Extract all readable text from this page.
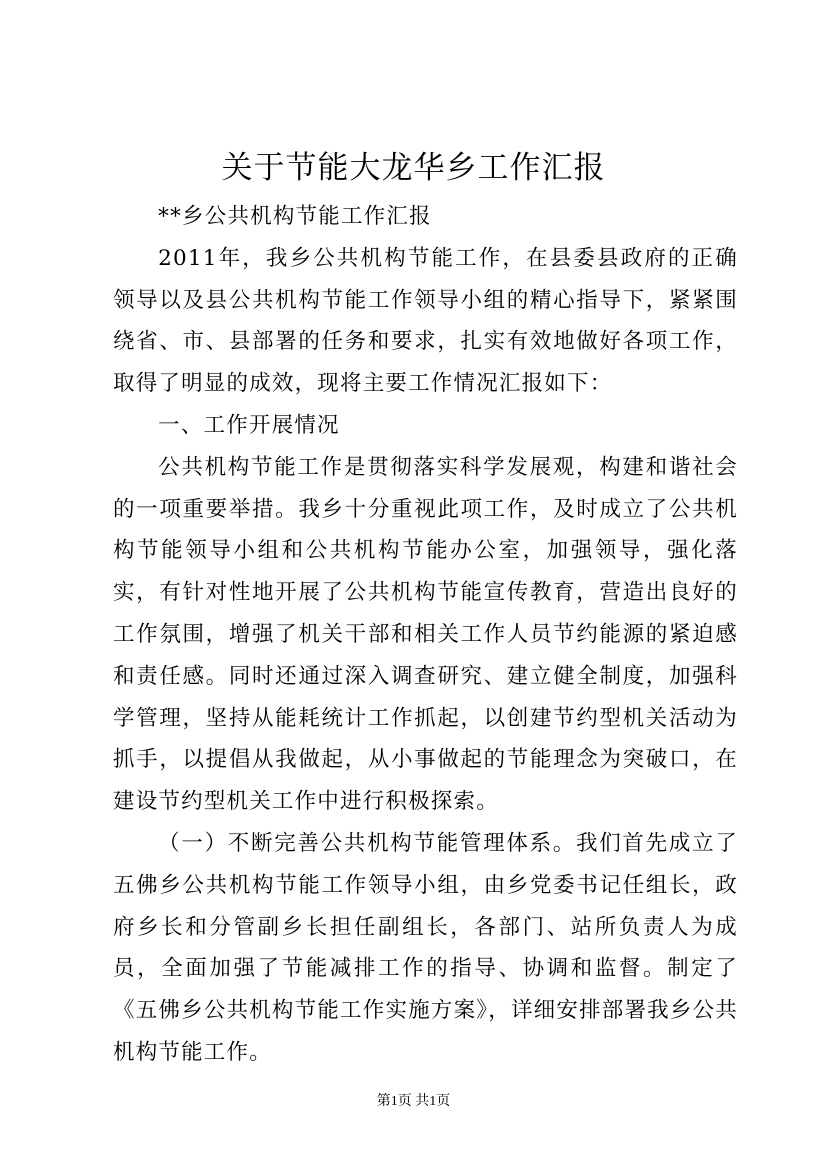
关于节能大龙华乡工作汇报

**乡公共机构节能工作汇报

2011年，我乡公共机构节能工作，在县委县政府的正确领导以及县公共机构节能工作领导小组的精心指导下，紧紧围绕省、市、县部署的任务和要求，扎实有效地做好各项工作，取得了明显的成效，现将主要工作情况汇报如下：

一、工作开展情况

公共机构节能工作是贯彻落实科学发展观，构建和谐社会的一项重要举措。我乡十分重视此项工作，及时成立了公共机构节能领导小组和公共机构节能办公室，加强领导，强化落实，有针对性地开展了公共机构节能宣传教育，营造出良好的工作氛围，增强了机关干部和相关工作人员节约能源的紧迫感和责任感。同时还通过深入调查研究、建立健全制度，加强科学管理，坚持从能耗统计工作抓起，以创建节约型机关活动为抓手，以提倡从我做起，从小事做起的节能理念为突破口，在建设节约型机关工作中进行积极探索。

（一）不断完善公共机构节能管理体系。我们首先成立了五佛乡公共机构节能工作领导小组，由乡党委书记任组长，政府乡长和分管副乡长担任副组长，各部门、站所负责人为成员，全面加强了节能减排工作的指导、协调和监督。制定了《五佛乡公共机构节能工作实施方案》，详细安排部署我乡公共机构节能工作。

第1页 共1页
